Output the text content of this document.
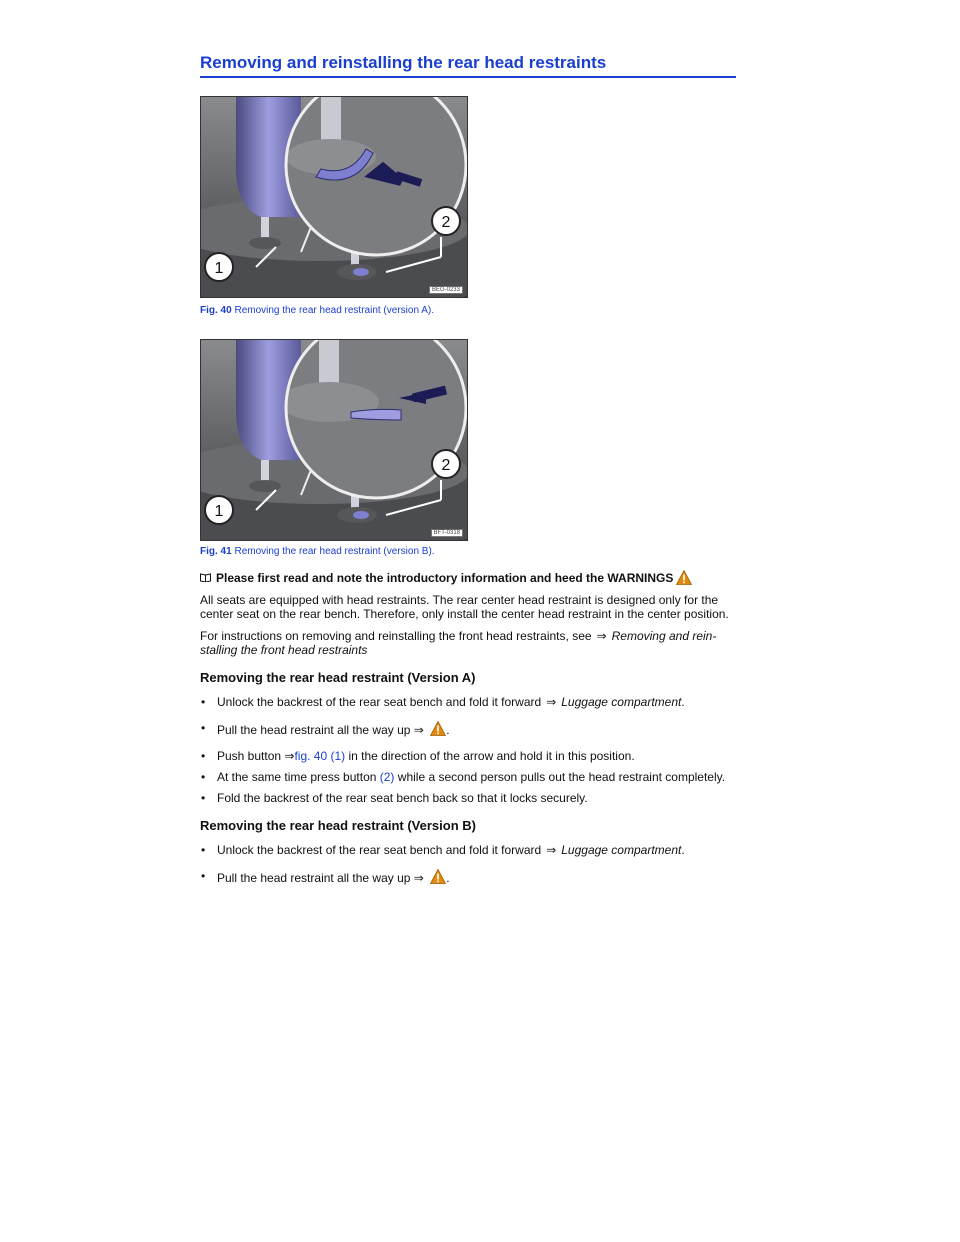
Removing and reinstalling the rear head restraints
1
2
BEG-0233
Fig. 40 Removing the rear head restraint (version A).
1
2
BFT-0318
Fig. 41 Removing the rear head restraint (version B).
Please first read and note the introductory information and heed the WARNINGS

All seats are equipped with head restraints. The rear center head restraint is designed only for the center seat on the rear bench. Therefore, only install the center head restraint in the center position.

For instructions on removing and reinstalling the front head restraints, see ⇒ Removing and rein-stalling the front head restraints

Removing the rear head restraint (Version A)
• Unlock the backrest of the rear seat bench and fold it forward ⇒ Luggage compartment.
• Pull the head restraint all the way up ⇒ .
• Push button ⇒fig. 40 (1) in the direction of the arrow and hold it in this position.
• At the same time press button (2) while a second person pulls out the head restraint completely.
• Fold the backrest of the rear seat bench back so that it locks securely.
Removing the rear head restraint (Version B)
• Unlock the backrest of the rear seat bench and fold it forward ⇒ Luggage compartment.
• Pull the head restraint all the way up ⇒ .
